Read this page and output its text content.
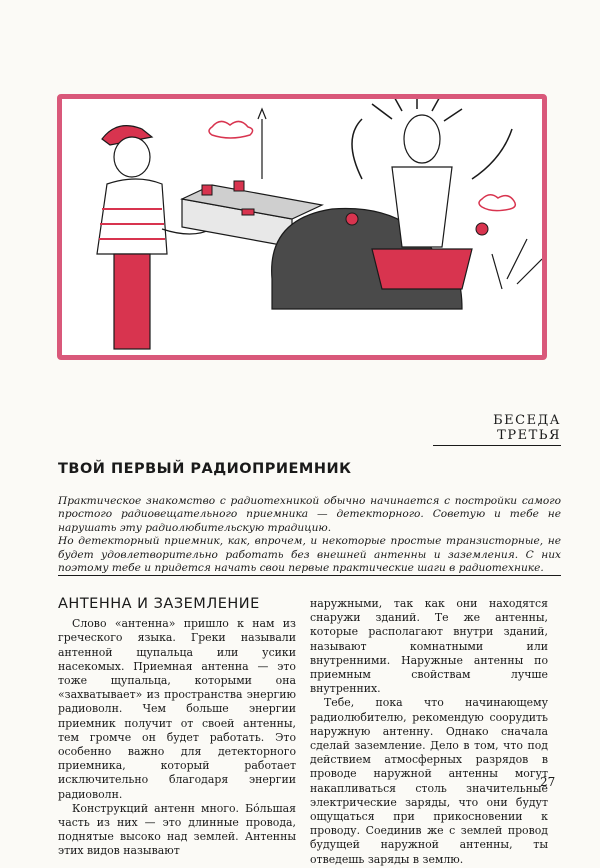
БЕСЕДА ТРЕТЬЯ
ТВОЙ ПЕРВЫЙ РАДИОПРИЕМНИК

Практическое знакомство с радиотехникой обычно начинается с постройки самого простого радиовещательного приемника — детекторного. Советую и тебе не нарушать эту радиолюбительскую традицию.

Но детекторный приемник, как, впрочем, и некоторые простые транзисторные, не будет удовлетворительно работать без внешней антенны и заземления. С них поэтому тебе и придется начать свои первые практические шаги в радиотехнике.

АНТЕННА И ЗАЗЕМЛЕНИЕ

Слово «антенна» пришло к нам из греческого языка. Греки называли антенной щупальца или усики насекомых. Приемная антенна — это тоже щупальца, которыми она «захватывает» из пространства энергию радиоволн. Чем больше энергии приемник получит от своей антенны, тем громче он будет работать. Это особенно важно для детекторного приемника, который работает исключительно благодаря энергии радиоволн.

Конструкций антенн много. Бо́льшая часть из них — это длинные провода, поднятые высоко над землей. Антенны этих видов называют

наружными, так как они находятся снаружи зданий. Те же антенны, которые располагают внутри зданий, называют комнатными или внутренними. Наружные антенны по приемным свойствам лучше внутренних.

Тебе, пока что начинающему радиолюбителю, рекомендую соорудить наружную антенну. Однако сначала сделай заземление. Дело в том, что под действием атмосферных разрядов в проводе наружной антенны могут накапливаться столь значительные электрические заряды, что они будут ощущаться при прикосновении к проводу. Соединив же с землей провод будущей наружной антенны, ты отведешь заряды в землю.

27
